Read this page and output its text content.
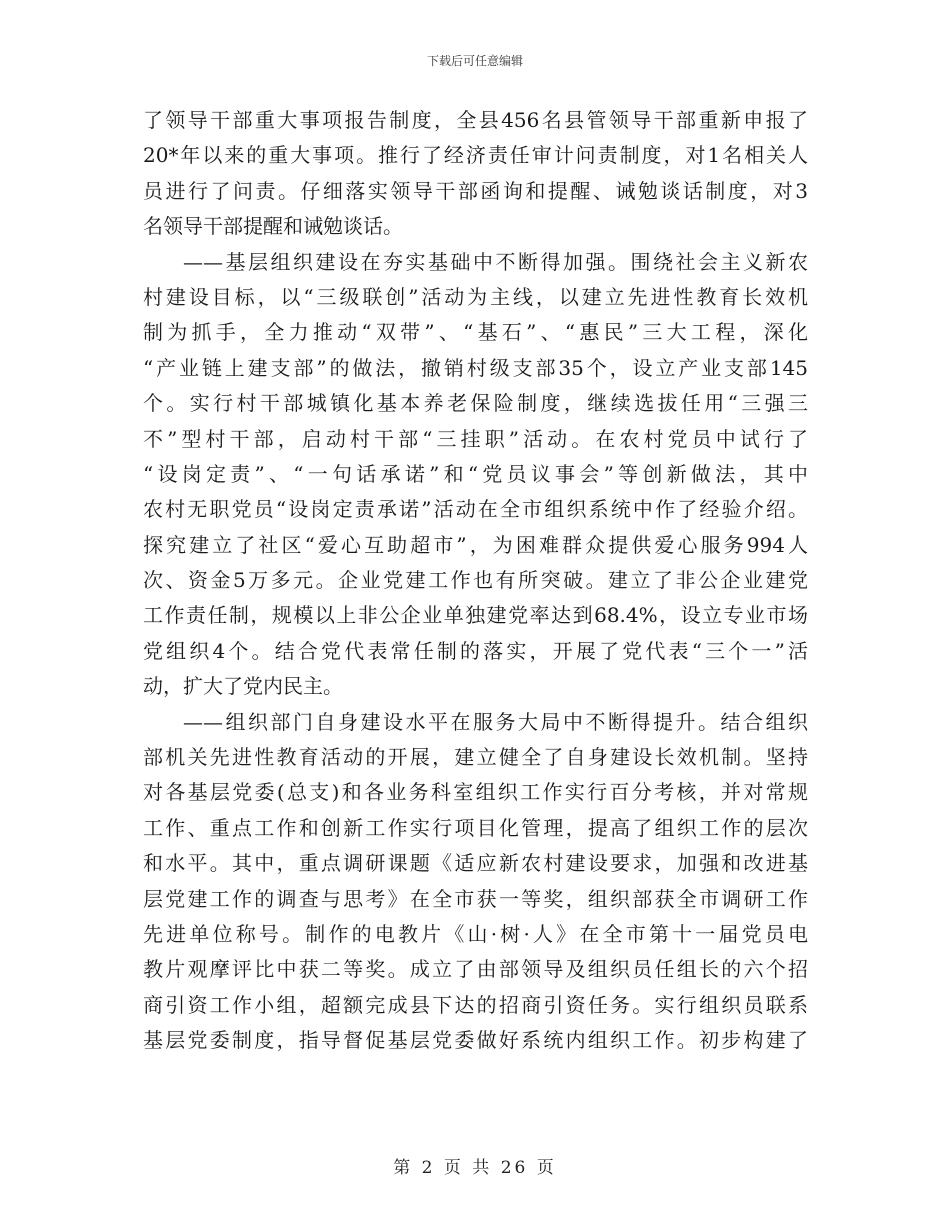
下载后可任意编辑
了领导干部重大事项报告制度，全县456名县管领导干部重新申报了
20*年以来的重大事项。推行了经济责任审计问责制度，对1名相关人
员进行了问责。仔细落实领导干部函询和提醒、诫勉谈话制度，对3
名领导干部提醒和诫勉谈话。
——基层组织建设在夯实基础中不断得加强。围绕社会主义新农
村建设目标，以“三级联创”活动为主线，以建立先进性教育长效机
制为抓手，全力推动“双带”、“基石”、“惠民”三大工程，深化
“产业链上建支部”的做法，撤销村级支部35个，设立产业支部145
个。实行村干部城镇化基本养老保险制度，继续选拔任用“三强三
不”型村干部，启动村干部“三挂职”活动。在农村党员中试行了
“设岗定责”、“一句话承诺”和“党员议事会”等创新做法，其中
农村无职党员“设岗定责承诺”活动在全市组织系统中作了经验介绍。
探究建立了社区“爱心互助超市”，为困难群众提供爱心服务994人
次、资金5万多元。企业党建工作也有所突破。建立了非公企业建党
工作责任制，规模以上非公企业单独建党率达到68.4%，设立专业市场
党组织4个。结合党代表常任制的落实，开展了党代表“三个一”活
动，扩大了党内民主。
——组织部门自身建设水平在服务大局中不断得提升。结合组织
部机关先进性教育活动的开展，建立健全了自身建设长效机制。坚持
对各基层党委(总支)和各业务科室组织工作实行百分考核，并对常规
工作、重点工作和创新工作实行项目化管理，提高了组织工作的层次
和水平。其中，重点调研课题《适应新农村建设要求，加强和改进基
层党建工作的调查与思考》在全市获一等奖，组织部获全市调研工作
先进单位称号。制作的电教片《山·树·人》在全市第十一届党员电
教片观摩评比中获二等奖。成立了由部领导及组织员任组长的六个招
商引资工作小组，超额完成县下达的招商引资任务。实行组织员联系
基层党委制度，指导督促基层党委做好系统内组织工作。初步构建了
第 2 页 共 26 页
